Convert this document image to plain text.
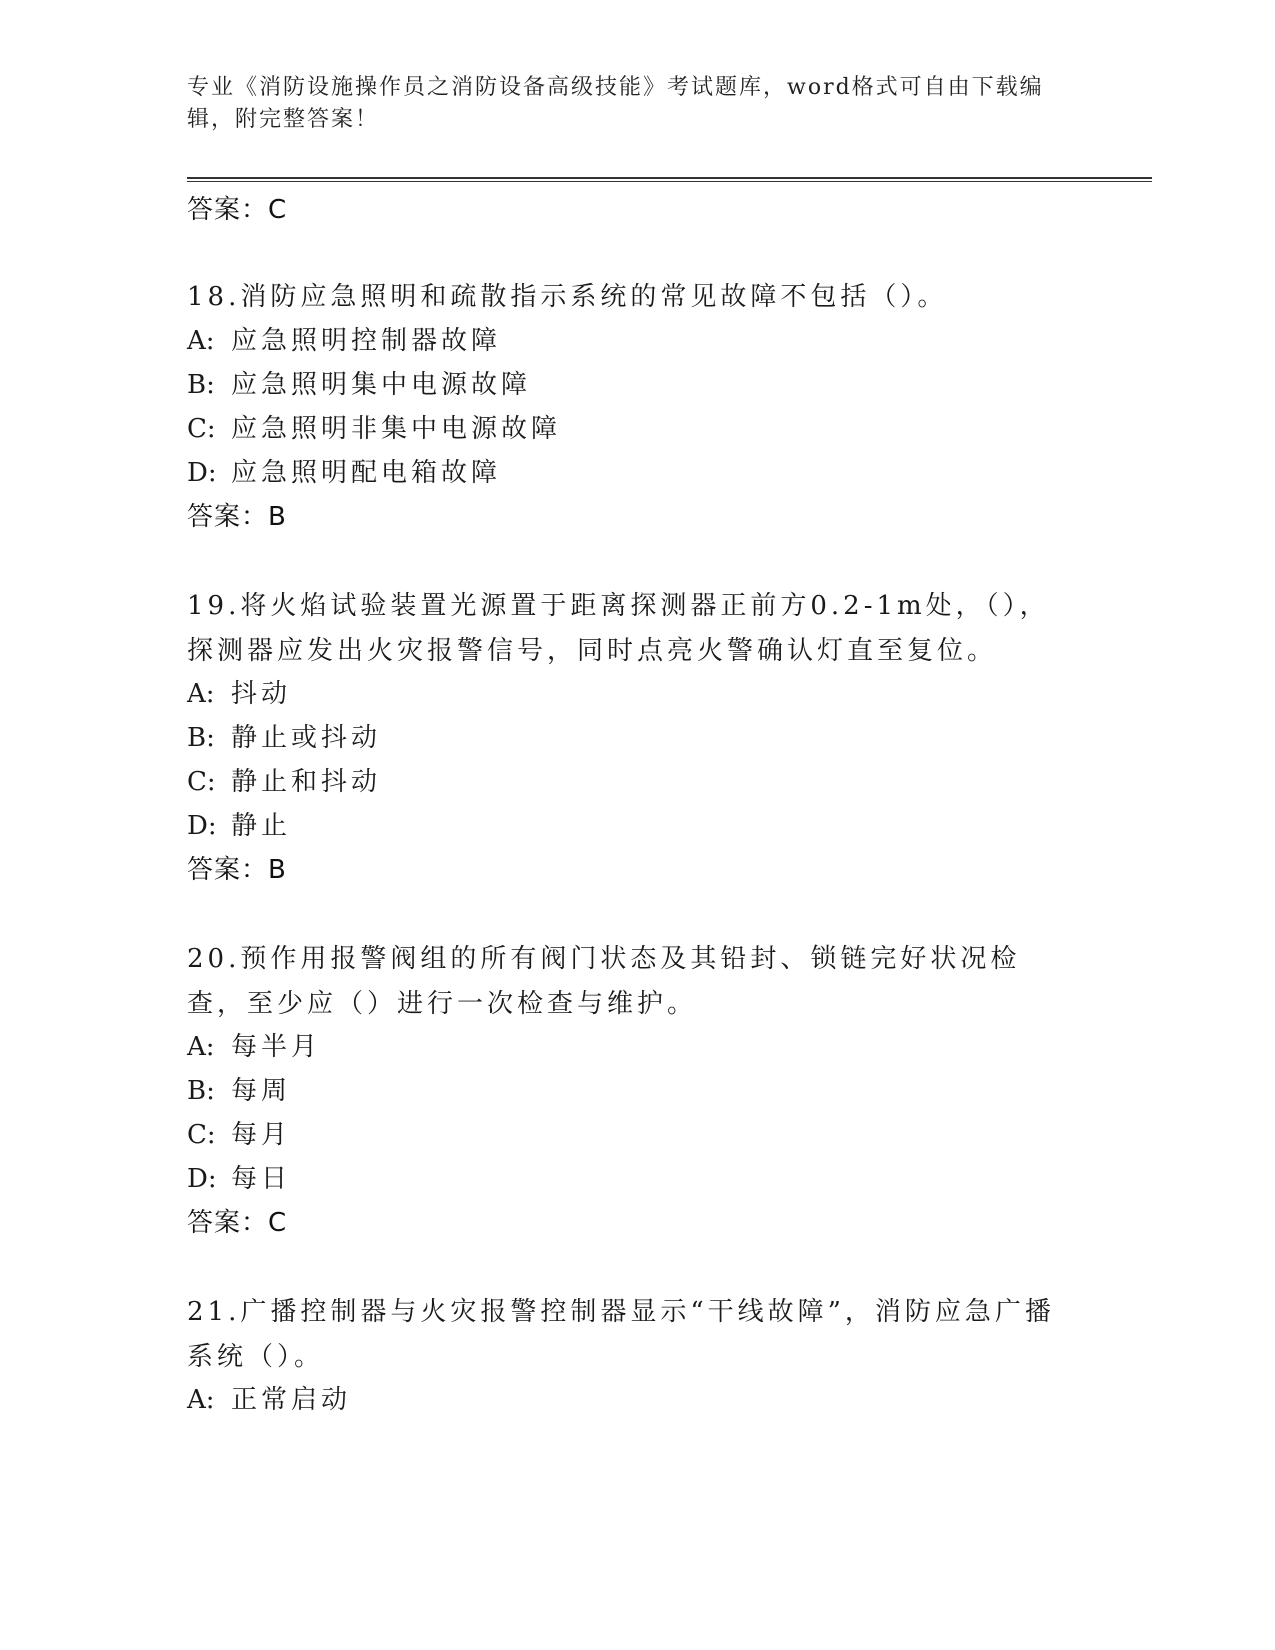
专业《消防设施操作员之消防设备高级技能》考试题库，word格式可自由下载编辑，附完整答案！
答案：C
18.消防应急照明和疏散指示系统的常见故障不包括（）。
A: 应急照明控制器故障
B: 应急照明集中电源故障
C: 应急照明非集中电源故障
D: 应急照明配电箱故障
答案：B
19.将火焰试验装置光源置于距离探测器正前方0.2-1m处，（），探测器应发出火灾报警信号，同时点亮火警确认灯直至复位。
A: 抖动
B: 静止或抖动
C: 静止和抖动
D: 静止
答案：B
20.预作用报警阀组的所有阀门状态及其铅封、锁链完好状况检查，至少应（）进行一次检查与维护。
A: 每半月
B: 每周
C: 每月
D: 每日
答案：C
21.广播控制器与火灾报警控制器显示“干线故障”，消防应急广播系统（）。
A: 正常启动
